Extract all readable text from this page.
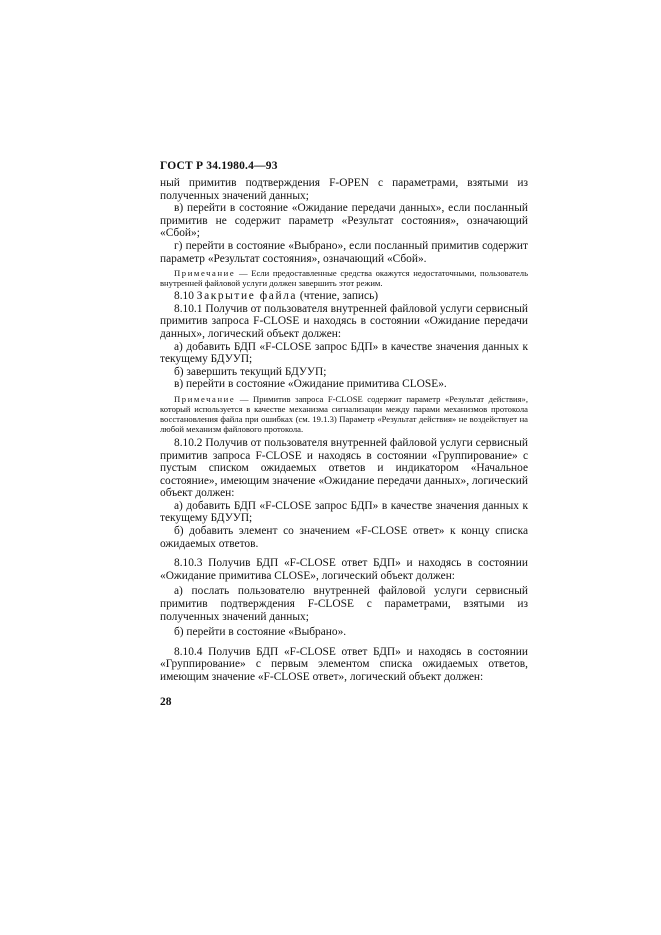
ГОСТ Р 34.1980.4—93

ный примитив подтверждения F-OPEN с параметрами, взятыми из полученных значений данных;

в) перейти в состояние «Ожидание передачи данных», если посланный примитив не содержит параметр «Результат состояния», означающий «Сбой»;

г) перейти в состояние «Выбрано», если посланный примитив содержит параметр «Результат состояния», означающий «Сбой».

Примечание — Если предоставленные средства окажутся недостаточными, пользователь внутренней файловой услуги должен завершить этот режим.

8.10 Закрытие файла (чтение, запись)

8.10.1 Получив от пользователя внутренней файловой услуги сервисный примитив запроса F-CLOSE и находясь в состоянии «Ожидание передачи данных», логический объект должен:

а) добавить БДП «F-CLOSE запрос БДП» в качестве значения данных к текущему БДУУП;

б) завершить текущий БДУУП;

в) перейти в состояние «Ожидание примитива CLOSE».

Примечание — Примитив запроса F-CLOSE содержит параметр «Результат действия», который используется в качестве механизма сигнализации между парами механизмов протокола восстановления файла при ошибках (см. 19.1.3) Параметр «Результат действия» не воздействует на любой механизм файлового протокола.

8.10.2 Получив от пользователя внутренней файловой услуги сервисный примитив запроса F-CLOSE и находясь в состоянии «Группирование» с пустым списком ожидаемых ответов и индикатором «Начальное состояние», имеющим значение «Ожидание передачи данных», логический объект должен:

а) добавить БДП «F-CLOSE запрос БДП» в качестве значения данных к текущему БДУУП;

б) добавить элемент со значением «F-CLOSE ответ» к концу списка ожидаемых ответов.

8.10.3 Получив БДП «F-CLOSE ответ БДП» и находясь в состоянии «Ожидание примитива CLOSE», логический объект должен:

а) послать пользователю внутренней файловой услуги сервисный примитив подтверждения F-CLOSE с параметрами, взятыми из полученных значений данных;

б) перейти в состояние «Выбрано».

8.10.4 Получив БДП «F-CLOSE ответ БДП» и находясь в состоянии «Группирование» с первым элементом списка ожидаемых ответов, имеющим значение «F-CLOSE ответ», логический объект должен:

28
